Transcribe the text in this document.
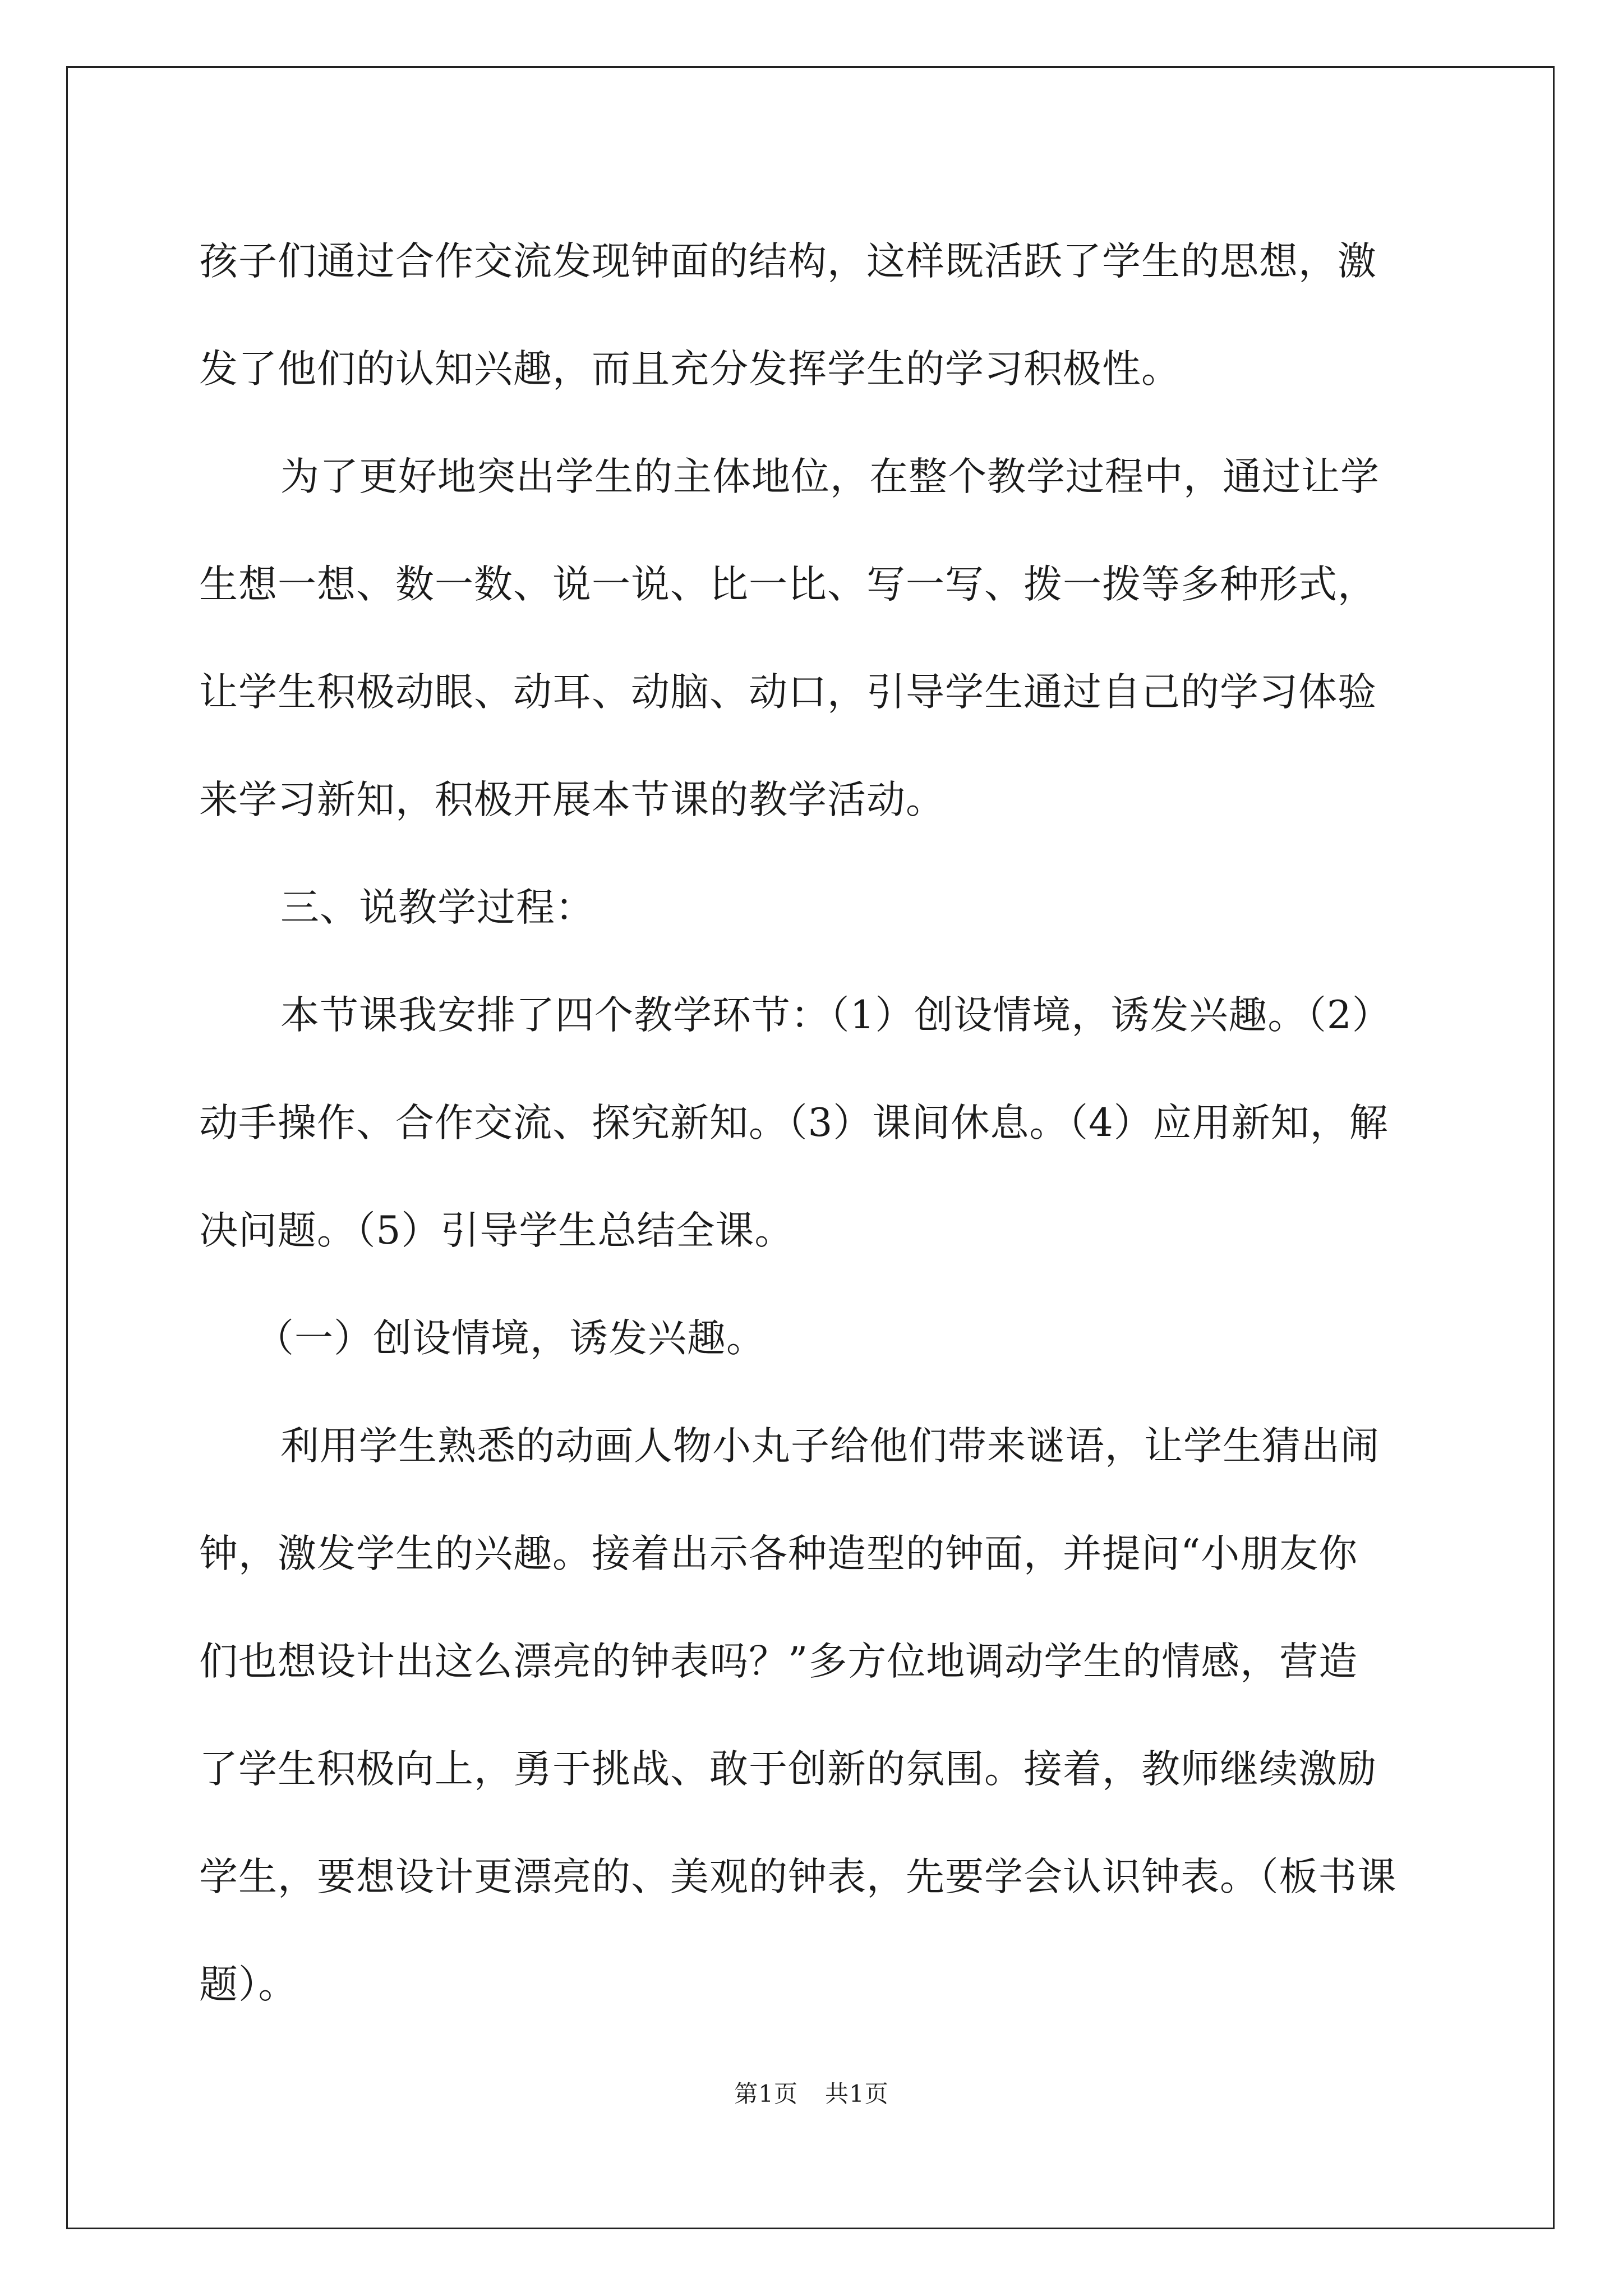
孩子们通过合作交流发现钟面的结构，这样既活跃了学生的思想，激
发了他们的认知兴趣，而且充分发挥学生的学习积极性。

为了更好地突出学生的主体地位，在整个教学过程中，通过让学
生想一想、数一数、说一说、比一比、写一写、拨一拨等多种形式，
让学生积极动眼、动耳、动脑、动口，引导学生通过自己的学习体验
来学习新知，积极开展本节课的教学活动。

三、说教学过程：

本节课我安排了四个教学环节：（1）创设情境，诱发兴趣。（2）
动手操作、合作交流、探究新知。（3）课间休息。（4）应用新知，解
决问题。（5）引导学生总结全课。

（一）创设情境，诱发兴趣。

利用学生熟悉的动画人物小丸子给他们带来谜语，让学生猜出闹
钟，激发学生的兴趣。接着出示各种造型的钟面，并提问“小朋友你
们也想设计出这么漂亮的钟表吗？”多方位地调动学生的情感，营造
了学生积极向上，勇于挑战、敢于创新的氛围。接着，教师继续激励
学生，要想设计更漂亮的、美观的钟表，先要学会认识钟表。（板书课
题）。

第1页 共1页
